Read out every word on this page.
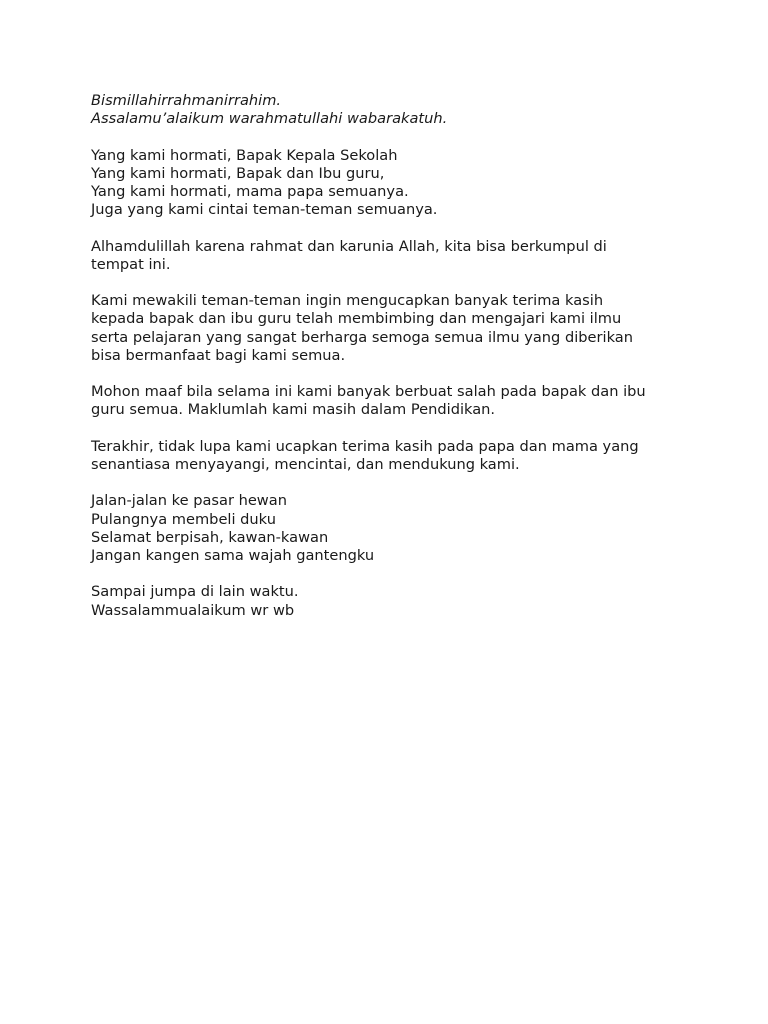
Bismillahirrahmanirrahim.
Assalamu’alaikum warahmatullahi wabarakatuh.
Yang kami hormati, Bapak Kepala Sekolah
Yang kami hormati, Bapak dan Ibu guru,
Yang kami hormati, mama papa semuanya.
Juga yang kami cintai teman-teman semuanya.
Alhamdulillah karena rahmat dan karunia Allah, kita bisa berkumpul di
tempat ini.
Kami mewakili teman-teman ingin mengucapkan banyak terima kasih
kepada bapak dan ibu guru telah membimbing dan mengajari kami ilmu
serta pelajaran yang sangat berharga semoga semua ilmu yang diberikan
bisa bermanfaat bagi kami semua.
Mohon maaf bila selama ini kami banyak berbuat salah pada bapak dan ibu
guru semua. Maklumlah kami masih dalam Pendidikan.
Terakhir, tidak lupa kami ucapkan terima kasih pada papa dan mama yang
senantiasa menyayangi, mencintai, dan mendukung kami.
Jalan-jalan ke pasar hewan
Pulangnya membeli duku
Selamat berpisah, kawan-kawan
Jangan kangen sama wajah gantengku
Sampai jumpa di lain waktu.
Wassalammualaikum wr wb
